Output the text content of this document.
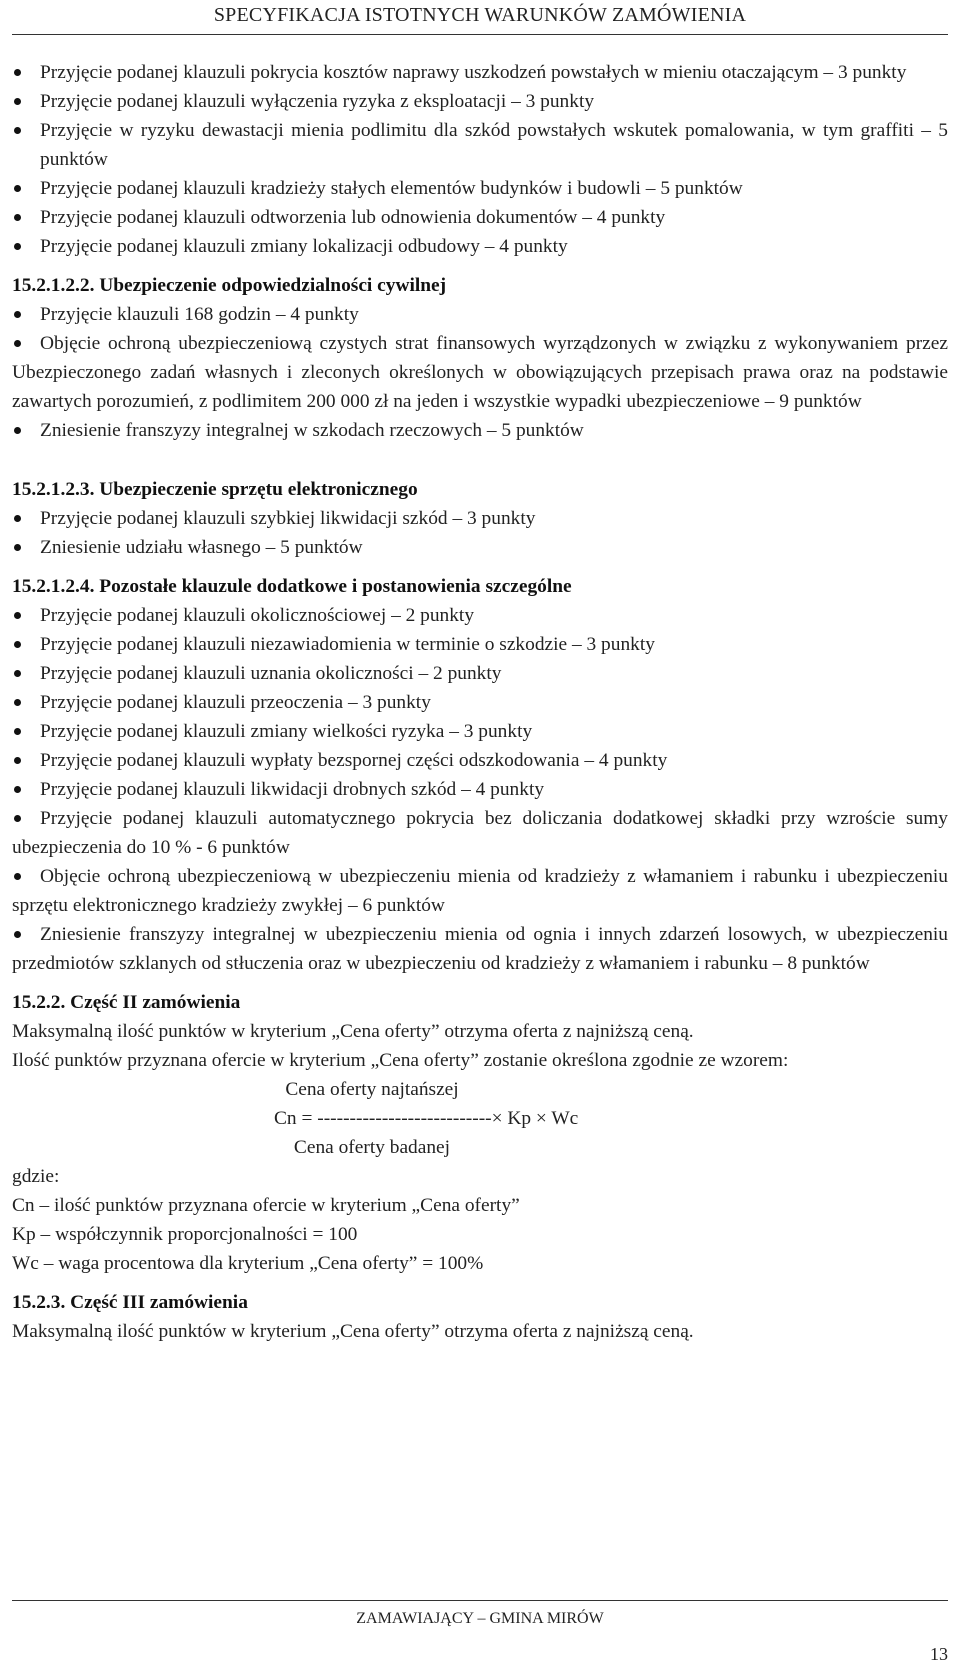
SPECYFIKACJA ISTOTNYCH WARUNKÓW ZAMÓWIENIA
Przyjęcie podanej klauzuli pokrycia kosztów naprawy uszkodzeń powstałych w mieniu otaczającym – 3 punkty
Przyjęcie podanej klauzuli wyłączenia ryzyka z eksploatacji – 3 punkty
Przyjęcie w ryzyku dewastacji mienia podlimitu dla szkód powstałych wskutek pomalowania, w tym graffiti – 5 punktów
Przyjęcie podanej klauzuli kradzieży stałych elementów budynków i budowli – 5 punktów
Przyjęcie podanej klauzuli odtworzenia lub odnowienia dokumentów – 4 punkty
Przyjęcie podanej klauzuli zmiany lokalizacji odbudowy – 4 punkty
15.2.1.2.2. Ubezpieczenie odpowiedzialności cywilnej
Przyjęcie klauzuli 168 godzin – 4 punkty
Objęcie ochroną ubezpieczeniową czystych strat finansowych wyrządzonych w związku z wykonywaniem przez Ubezpieczonego zadań własnych i zleconych określonych w obowiązujących przepisach prawa oraz na podstawie zawartych porozumień, z podlimitem 200 000 zł na jeden i wszystkie wypadki ubezpieczeniowe – 9 punktów
Zniesienie franszyzy integralnej w szkodach rzeczowych – 5 punktów
15.2.1.2.3. Ubezpieczenie sprzętu elektronicznego
Przyjęcie podanej klauzuli szybkiej likwidacji szkód – 3 punkty
Zniesienie udziału własnego – 5 punktów
15.2.1.2.4. Pozostałe klauzule dodatkowe i postanowienia szczególne
Przyjęcie podanej klauzuli okolicznościowej – 2 punkty
Przyjęcie podanej klauzuli niezawiadomienia w terminie o szkodzie – 3 punkty
Przyjęcie podanej klauzuli uznania okoliczności – 2 punkty
Przyjęcie podanej klauzuli przeoczenia – 3 punkty
Przyjęcie podanej klauzuli zmiany wielkości ryzyka – 3 punkty
Przyjęcie podanej klauzuli wypłaty bezspornej części odszkodowania – 4 punkty
Przyjęcie podanej klauzuli likwidacji drobnych szkód – 4 punkty
Przyjęcie podanej klauzuli automatycznego pokrycia bez doliczania dodatkowej składki przy wzroście sumy ubezpieczenia do 10 % - 6 punktów
Objęcie ochroną ubezpieczeniową w ubezpieczeniu mienia od kradzieży z włamaniem i rabunku i ubezpieczeniu sprzętu elektronicznego kradzieży zwykłej – 6 punktów
Zniesienie franszyzy integralnej w ubezpieczeniu mienia od ognia i innych zdarzeń losowych, w ubezpieczeniu przedmiotów szklanych od stłuczenia oraz w ubezpieczeniu od kradzieży z włamaniem i rabunku – 8 punktów
15.2.2. Część II zamówienia
Maksymalną ilość punktów w kryterium „Cena oferty” otrzyma oferta z najniższą ceną.
Ilość punktów przyznana ofercie w kryterium „Cena oferty” zostanie określona zgodnie ze wzorem:
Cena oferty najtańszej
Cn = ---------------------------× Kp × Wc
Cena oferty badanej
gdzie:
Cn – ilość punktów przyznana ofercie w kryterium „Cena oferty”
Kp – współczynnik proporcjonalności = 100
Wc – waga procentowa dla kryterium „Cena oferty” = 100%
15.2.3. Część III zamówienia
Maksymalną ilość punktów w kryterium „Cena oferty” otrzyma oferta z najniższą ceną.
ZAMAWIAJĄCY – GMINA MIRÓW
13
